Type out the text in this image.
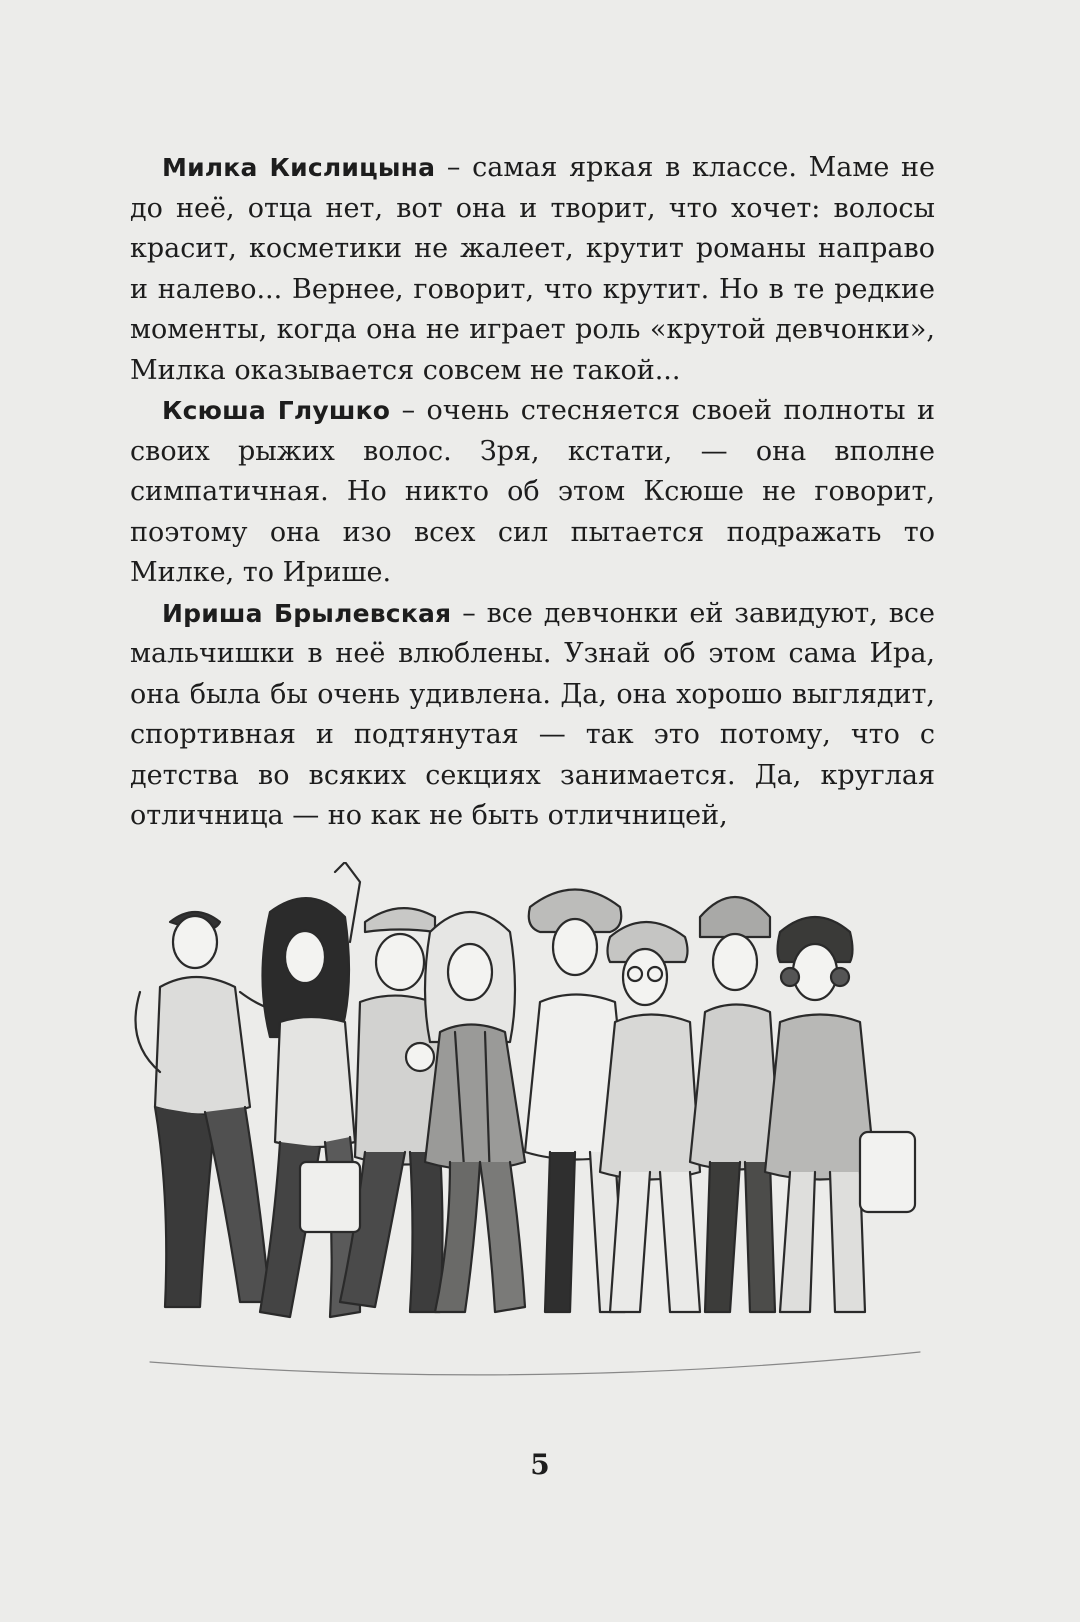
Милка Кислицына – самая яркая в классе. Маме не до неё, отца нет, вот она и творит, что хочет: волосы красит, косметики не жалеет, крутит романы направо и налево... Вернее, говорит, что крутит. Но в те редкие моменты, когда она не играет роль «крутой девчонки», Милка оказывается совсем не такой...

Ксюша Глушко – очень стесняется своей полноты и своих рыжих волос. Зря, кстати, — она вполне симпатичная. Но никто об этом Ксюше не говорит, поэтому она изо всех сил пытается подражать то Милке, то Ирише.

Ириша Брылевская – все девчонки ей завидуют, все мальчишки в неё влюблены. Узнай об этом сама Ира, она была бы очень удивлена. Да, она хорошо выглядит, спортивная и подтянутая — так это потому, что с детства во всяких секциях занимается. Да, круглая отличница — но как не быть отличницей,

5
